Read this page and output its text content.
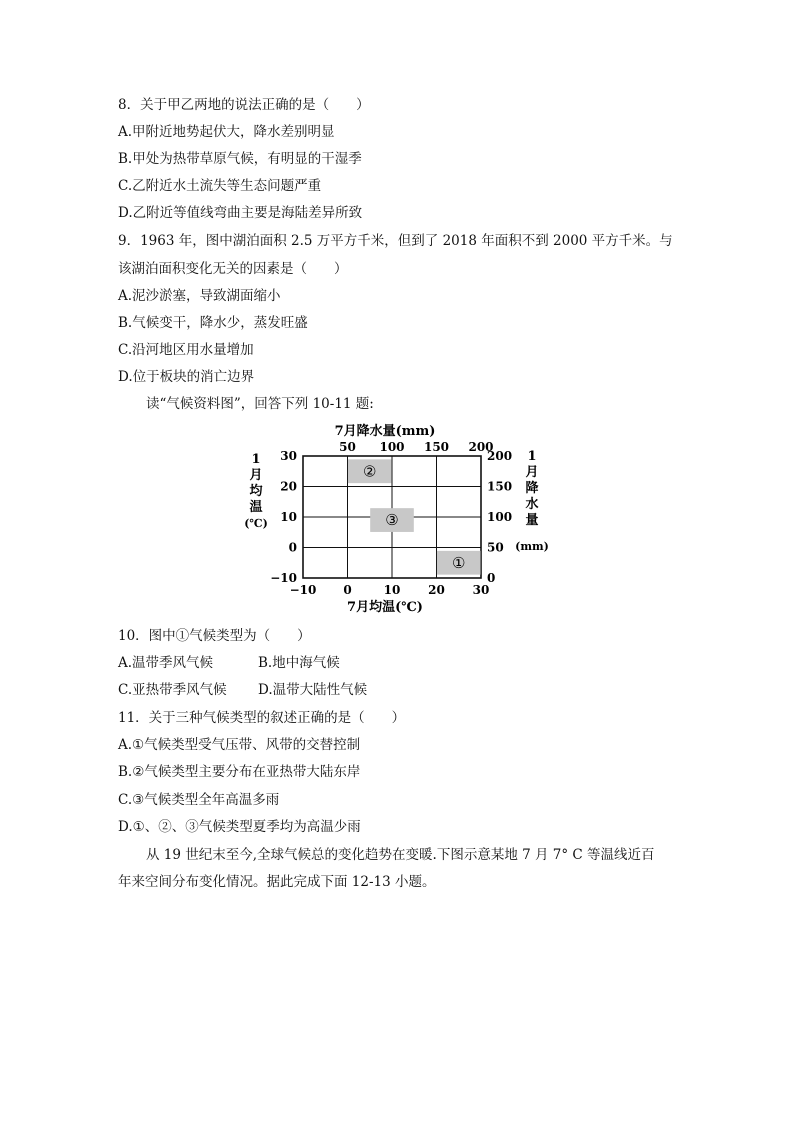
8．关于甲乙两地的说法正确的是（　　）
A.甲附近地势起伏大，降水差别明显
B.甲处为热带草原气候，有明显的干湿季
C.乙附近水土流失等生态问题严重
D.乙附近等值线弯曲主要是海陆差异所致
9．1963 年，图中湖泊面积 2.5 万平方千米，但到了 2018 年面积不到 2000 平方千米。与
该湖泊面积变化无关的因素是（　　）
A.泥沙淤塞，导致湖面缩小
B.气候变干，降水少，蒸发旺盛
C.沿河地区用水量增加
D.位于板块的消亡边界
读“气候资料图”，回答下列 10-11 题:
②
③
①
7月降水量(mm)
50 100 150 200
−10 0	10 20 30
7月均温(℃)
30
20
10
0
−10
200
150
100
50
0
1
月
均
温
(℃)
1
月
降
水
量
(mm)
10．图中①气候类型为（　　）
A.温带季风气候	B.地中海气候
C.亚热带季风气候 D.温带大陆性气候
11．关于三种气候类型的叙述正确的是（　　）
A.①气候类型受气压带、风带的交替控制
B.②气候类型主要分布在亚热带大陆东岸
C.③气候类型全年高温多雨
D.①、②、③气候类型夏季均为高温少雨
从 19 世纪末至今,全球气候总的变化趋势在变暖.下图示意某地 7 月 7° C 等温线近百
年来空间分布变化情况。据此完成下面 12-13 小题。
